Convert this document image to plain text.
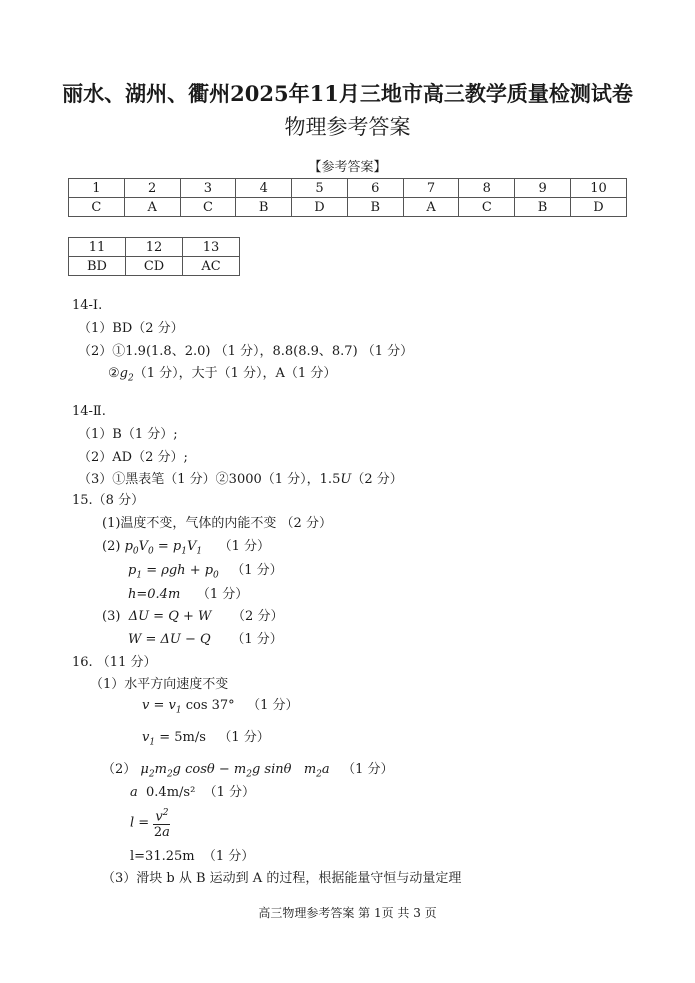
丽水、湖州、衢州2025年11月三地市高三教学质量检测试卷
物理参考答案
【参考答案】
1	2	3	4	5	6	7	8	9	10
C	A	C	B	D	B	A	C	B	D
11	12	13
BD	CD	AC
14-Ⅰ.
（1）BD（2 分）
（2）①1.9(1.8、2.0) （1 分），8.8(8.9、8.7) （1 分）
$②g_2(1$ 分），大于（1 分），A（1 分）
14-Ⅱ.
（1）B（1 分）;
（2）AD（2 分）;
（3）①黑表笔（1 分）②3000（1 分），1.5U（2 分）
15.（8 分）
(1)温度不变，气体的内能不变 （2 分）
(2) $p_0V_0 = p_1V_1$ （1 分）
$p_1 = \rho gh + p_0$ （1 分）
h=0.4m （1 分）
(3) ΔU = Q + W （2 分）
W = ΔU − Q （1 分）
16. （11 分）
（1）水平方向速度不变
$v = v_1$ cos 37°   （1 分）
$v_1 = 5m/s$ （1 分）
（2） $\mu_2m_2g$ $\cos\theta - m_2g$ sinθ   $m_2a$ （1 分）
a 0.4m/s² （1 分）
$l = \frac{v^2}{2a}$
l=31.25m （1 分）
（3）滑块 b 从 B 运动到 A 的过程，根据能量守恒与动量定理
高三物理参考答案 第 1页 共 3 页
